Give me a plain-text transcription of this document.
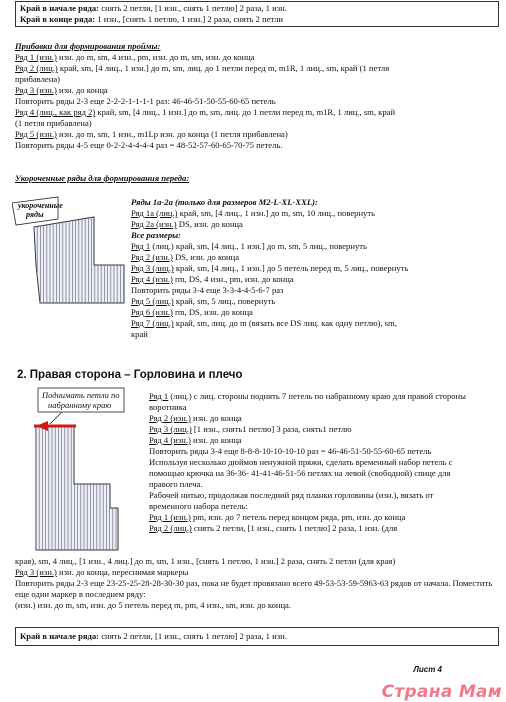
Край в начале ряда: снять 2 петли, [1 изн., снять 1 петлю] 2 раза, 1 изн.

Край в конце ряда: 1 изн., [снять 1 петлю, 1 изн.] 2 раза, снять 2 петли

Прибавки для формирования проймы:

Ряд 1 (изн.) изн. до m, sm, 4 изн., pm, изн. до m, sm, изн. до конца

Ряд 2 (лиц.) край, sm, [4 лиц., 1 изн.] до m, sm, лиц. до 1 петли перед m, m1R, 1 лиц., sm, край (1 петля

прибавлена)

Ряд 3 (изн.) изн. до конца

Повторить ряды 2-3 еще 2-2-2-1-1-1-1 раз: 46-46-51-50-55-60-65 петель

Ряд 4 (лиц., как ряд 2) край, sm, [4 лиц., 1 изн.] до m, sm, лиц. до 1 петли перед m, m1R, 1 лиц., sm, край

(1 петля прибавлена)

Ряд 5 (изн.) изн. до m, sm, 1 изн., m1Lp изн. до конца (1 петля прибавлена)

Повторить ряды 4-5 еще 0-2-2-4-4-4-4 раз = 48-52-57-60-65-70-75 петель.

Укороченные ряды для формирования переда:

укороченные ряды

Ряды 1а-2а (только для размеров M2-L-XL-XXL):

Ряд 1а (лиц.) край, sm, [4 лиц., 1 изн.] до m, sm, 10 лиц., повернуть

Ряд 2а (изн.) DS, изн. до конца

Все размеры:

Ряд 1 (лиц.) край, sm, [4 лиц., 1 изн.] до m, sm, 5 лиц., повернуть

Ряд 2 (изн.) DS, изн. до конца

Ряд 3 (лиц.) край, sm, [4 лиц., 1 изн.] до 5 петель перед m, 5 лиц., повернуть

Ряд 4 (изн.) rm, DS, 4 изн., pm, изн. до конца

Повторить ряды 3-4 еще 3-3-4-4-5-6-7 раз

Ряд 5 (лиц.) край, sm, 5 лиц., повернуть

Ряд 6 (изн.) rm, DS, изн. до конца

Ряд 7 (лиц.) край, sm, лиц. до m (вязать все DS лиц. как одну петлю), sm,

край

2. Правая сторона – Горловина и плечо
Поднимать петли по набранному краю

Ряд 1 (лиц.) с лиц. стороны поднять 7 петель по набранному краю для правой стороны воротника

Ряд 2 (изн.) изн. до конца

Ряд 3 (лиц.) [1 изн., снять1 петлю] 3 раза, снять1 петлю

Ряд 4 (изн.) изн. до конца

Повторить ряды 3-4 еще 8-8-8-10-10-10-10 раз = 46-46-51-50-55-60-65 петель

Используя несколько дюймов ненужной пряжи, сделать временный набор петель с помощью крючка на 36-36- 41-41-46-51-56 петлях на левой (свободной) спице для правого плеча.

Рабочей нитью, продолжая последний ряд планки горловины (изн.), вязать от временного набора петель:

Ряд 1 (изн.) pm, изн. до 7 петель перед концом ряда, pm, изн. до конца

Ряд 2 (лиц.) снять 2 петли, [1 изн., снять 1 петлю] 2 раза, 1 изн. (для

края), sm, 4 лиц., [1 изн., 4 лиц.] до m, sm, 1 изн., [снять 1 петлю, 1 изн.] 2 раза, снять 2 петли (для края)

Ряд 3 (изн.) изн. до конца, переснимая маркеры

Повторить ряды 2-3 еще 23-25-25-28-28-30-30 раз, пока не будет провязано всего 49-53-53-59-5963-63 рядов от начала. Поместить еще один маркер в последнем ряду:

(изн.) изн. до m, sm, изн. до 5 петель перед m, pm, 4 изн., sm, изн. до конца.

Край в начале ряда: снять 2 петли, [1 изн., снять 1 петлю] 2 раза, 1 изн.

Лист 4
Страна Мам
